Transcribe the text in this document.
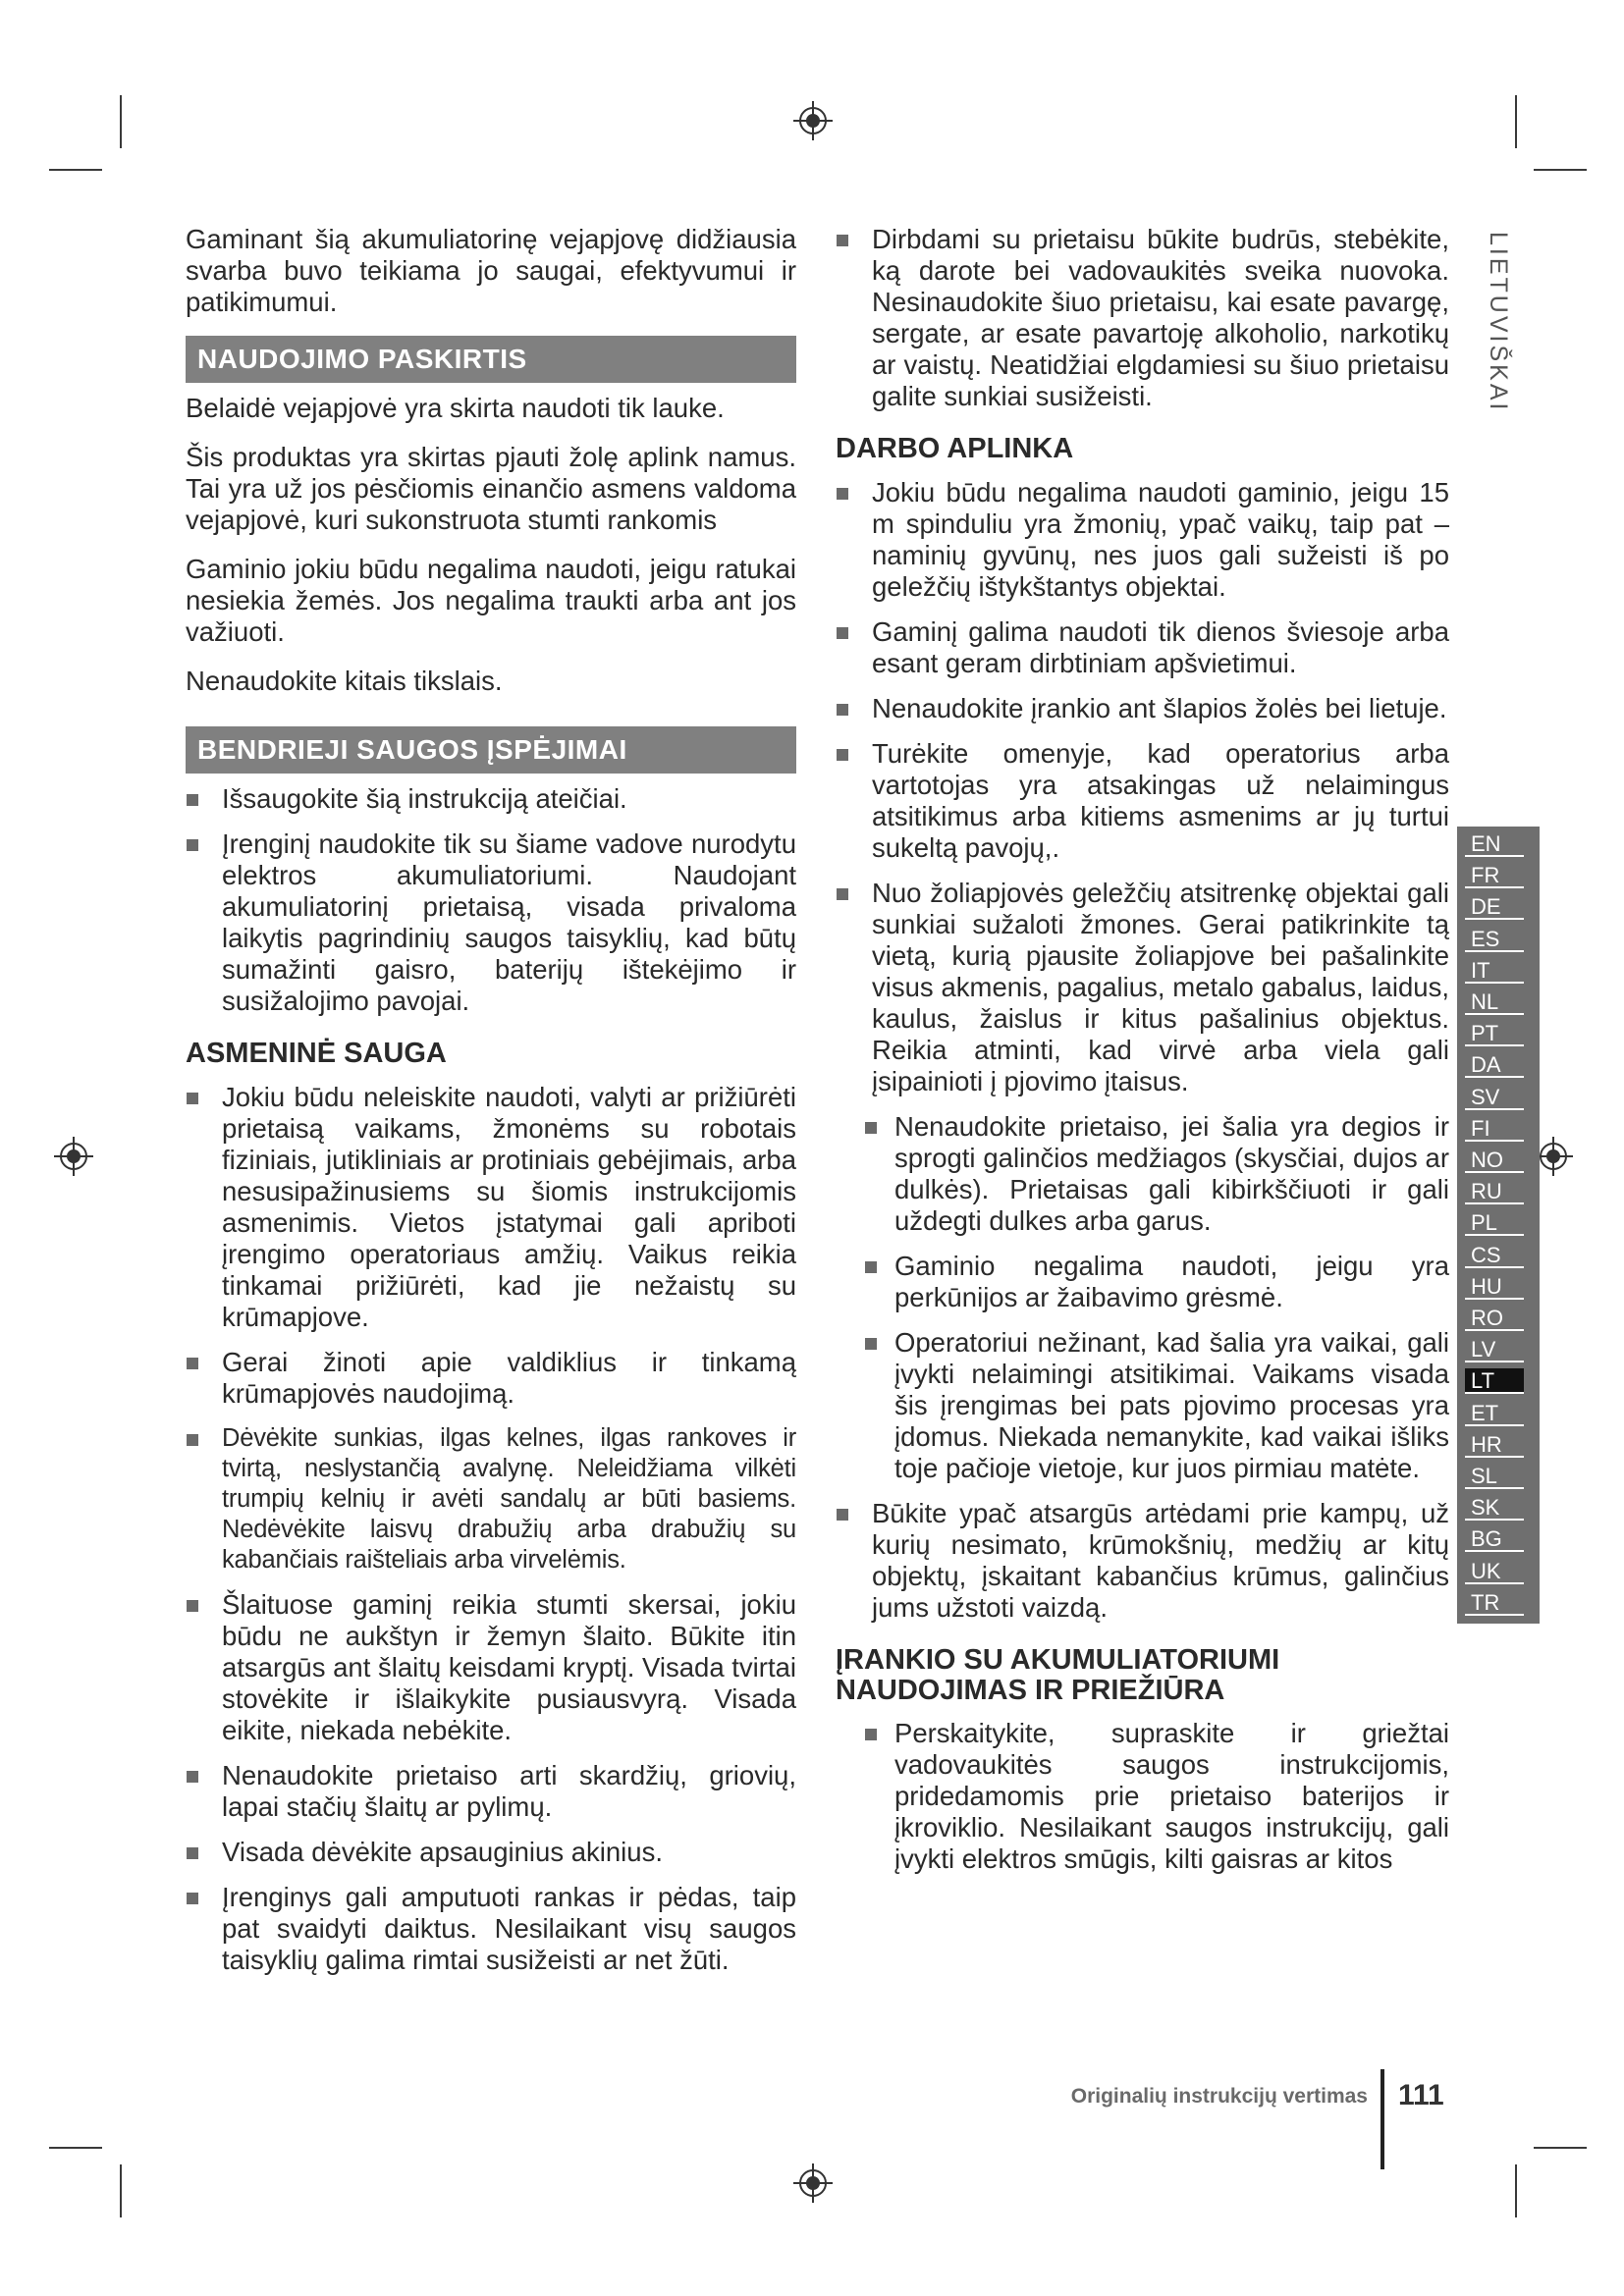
LIETUVIŠKAI

Gaminant šią akumuliatorinę vejapjovę didžiausia svarba buvo teikiama jo saugai, efektyvumui ir patikimumui.

NAUDOJIMO PASKIRTIS

Belaidė vejapjovė yra skirta naudoti tik lauke.

Šis produktas yra skirtas pjauti žolę aplink namus. Tai yra už jos pėsčiomis einančio asmens valdoma vejapjovė, kuri sukonstruota stumti rankomis

Gaminio jokiu būdu negalima naudoti, jeigu ratukai nesiekia žemės. Jos negalima traukti arba ant jos važiuoti.

Nenaudokite kitais tikslais.

BENDRIEJI SAUGOS ĮSPĖJIMAI
Išsaugokite šią instrukciją ateičiai.
Įrenginį naudokite tik su šiame vadove nurodytu elektros akumuliatoriumi. Naudojant akumuliatorinį prietaisą, visada privaloma laikytis pagrindinių saugos taisyklių, kad būtų sumažinti gaisro, baterijų ištekėjimo ir susižalojimo pavojai.
ASMENINĖ SAUGA
Jokiu būdu neleiskite naudoti, valyti ar prižiūrėti prietaisą vaikams, žmonėms su robotais fiziniais, jutikliniais ar protiniais gebėjimais, arba nesusipažinusiems su šiomis instrukcijomis asmenimis. Vietos įstatymai gali apriboti įrengimo operatoriaus amžių. Vaikus reikia tinkamai prižiūrėti, kad jie nežaistų su krūmapjove.
Gerai žinoti apie valdiklius ir tinkamą krūmapjovės naudojimą.
Dėvėkite sunkias, ilgas kelnes, ilgas rankoves ir tvirtą, neslystančią avalynę. Neleidžiama vilkėti trumpių kelnių ir avėti sandalų ar būti basiems. Nedėvėkite laisvų drabužių arba drabužių su kabančiais raišteliais arba virvelėmis.
Šlaituose gaminį reikia stumti skersai, jokiu būdu ne aukštyn ir žemyn šlaito. Būkite itin atsargūs ant šlaitų keisdami kryptį. Visada tvirtai stovėkite ir išlaikykite pusiausvyrą. Visada eikite, niekada nebėkite.
Nenaudokite prietaiso arti skardžių, griovių, lapai stačių šlaitų ar pylimų.
Visada dėvėkite apsauginius akinius.
Įrenginys gali amputuoti rankas ir pėdas, taip pat svaidyti daiktus. Nesilaikant visų saugos taisyklių galima rimtai susižeisti ar net žūti.
Dirbdami su prietaisu būkite budrūs, stebėkite, ką darote bei vadovaukitės sveika nuovoka. Nesinaudokite šiuo prietaisu, kai esate pavargę, sergate, ar esate pavartoję alkoholio, narkotikų ar vaistų. Neatidžiai elgdamiesi su šiuo prietaisu galite sunkiai susižeisti.
DARBO APLINKA
Jokiu būdu negalima naudoti gaminio, jeigu 15 m spinduliu yra žmonių, ypač vaikų, taip pat – naminių gyvūnų, nes juos gali sužeisti iš po geležčių ištykštantys objektai.
Gaminį galima naudoti tik dienos šviesoje arba esant geram dirbtiniam apšvietimui.
Nenaudokite įrankio ant šlapios žolės bei lietuje.
Turėkite omenyje, kad operatorius arba vartotojas yra atsakingas už nelaimingus atsitikimus arba kitiems asmenims ar jų turtui sukeltą pavojų,.
Nuo žoliapjovės geležčių atsitrenkę objektai gali sunkiai sužaloti žmones. Gerai patikrinkite tą vietą, kurią pjausite žoliapjove bei pašalinkite visus akmenis, pagalius, metalo gabalus, laidus, kaulus, žaislus ir kitus pašalinius objektus. Reikia atminti, kad virvė arba viela gali įsipainioti į pjovimo įtaisus.
Nenaudokite prietaiso, jei šalia yra degios ir sprogti galinčios medžiagos (skysčiai, dujos ar dulkės). Prietaisas gali kibirkščiuoti ir gali uždegti dulkes arba garus.
Gaminio negalima naudoti, jeigu yra perkūnijos ar žaibavimo grėsmė.
Operatoriui nežinant, kad šalia yra vaikai, gali įvykti nelaimingi atsitikimai. Vaikams visada šis įrengimas bei pats pjovimo procesas yra įdomus. Niekada nemanykite, kad vaikai išliks toje pačioje vietoje, kur juos pirmiau matėte.
Būkite ypač atsargūs artėdami prie kampų, už kurių nesimato, krūmokšnių, medžių ar kitų objektų, įskaitant kabančius krūmus, galinčius jums užstoti vaizdą.
ĮRANKIO SU AKUMULIATORIUMI
NAUDOJIMAS IR PRIEŽIŪRA
Perskaitykite, supraskite ir griežtai vadovaukitės saugos instrukcijomis, pridedamomis prie prietaiso baterijos ir įkroviklio. Nesilaikant saugos instrukcijų, gali įvykti elektros smūgis, kilti gaisras ar kitos
EN
FR
DE
ES
IT
NL
PT
DA
SV
FI
NO
RU
PL
CS
HU
RO
LV
LT
ET
HR
SL
SK
BG
UK
TR
Originalių instrukcijų vertimas 111
